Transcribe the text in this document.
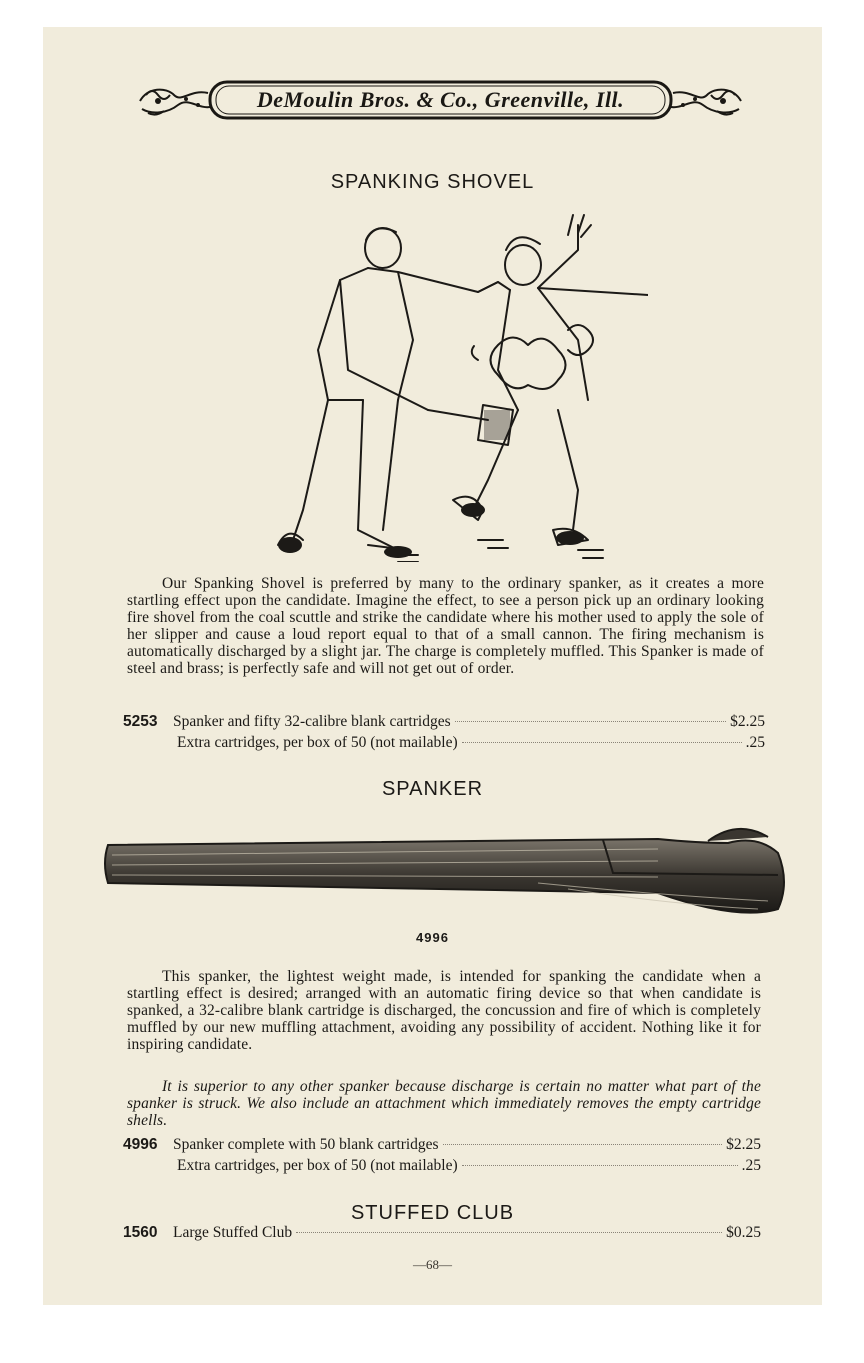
DeMoulin Bros. & Co., Greenville, Ill.
SPANKING SHOVEL
Our Spanking Shovel is preferred by many to the ordinary spanker, as it creates a more startling effect upon the candidate. Imagine the effect, to see a person pick up an ordinary looking fire shovel from the coal scuttle and strike the candidate where his mother used to apply the sole of her slipper and cause a loud report equal to that of a small cannon. The firing mechanism is automatically discharged by a slight jar. The charge is completely muffled. This Spanker is made of steel and brass; is perfectly safe and will not get out of order.
5253	Spanker and fifty 32-calibre blank cartridges	$2.25
Extra cartridges, per box of 50 (not mailable)	.25
SPANKER
4996
This spanker, the lightest weight made, is intended for spanking the candidate when a startling effect is desired; arranged with an automatic firing device so that when candidate is spanked, a 32-calibre blank cartridge is discharged, the concussion and fire of which is completely muffled by our new muffling attachment, avoiding any possibility of accident. Nothing like it for inspiring candidate.
It is superior to any other spanker because discharge is certain no matter what part of the spanker is struck. We also include an attachment which immediately removes the empty cartridge shells.
4996	Spanker complete with 50 blank cartridges	$2.25
Extra cartridges, per box of 50 (not mailable)	.25
STUFFED CLUB
1560	Large Stuffed Club	$0.25
—68—
